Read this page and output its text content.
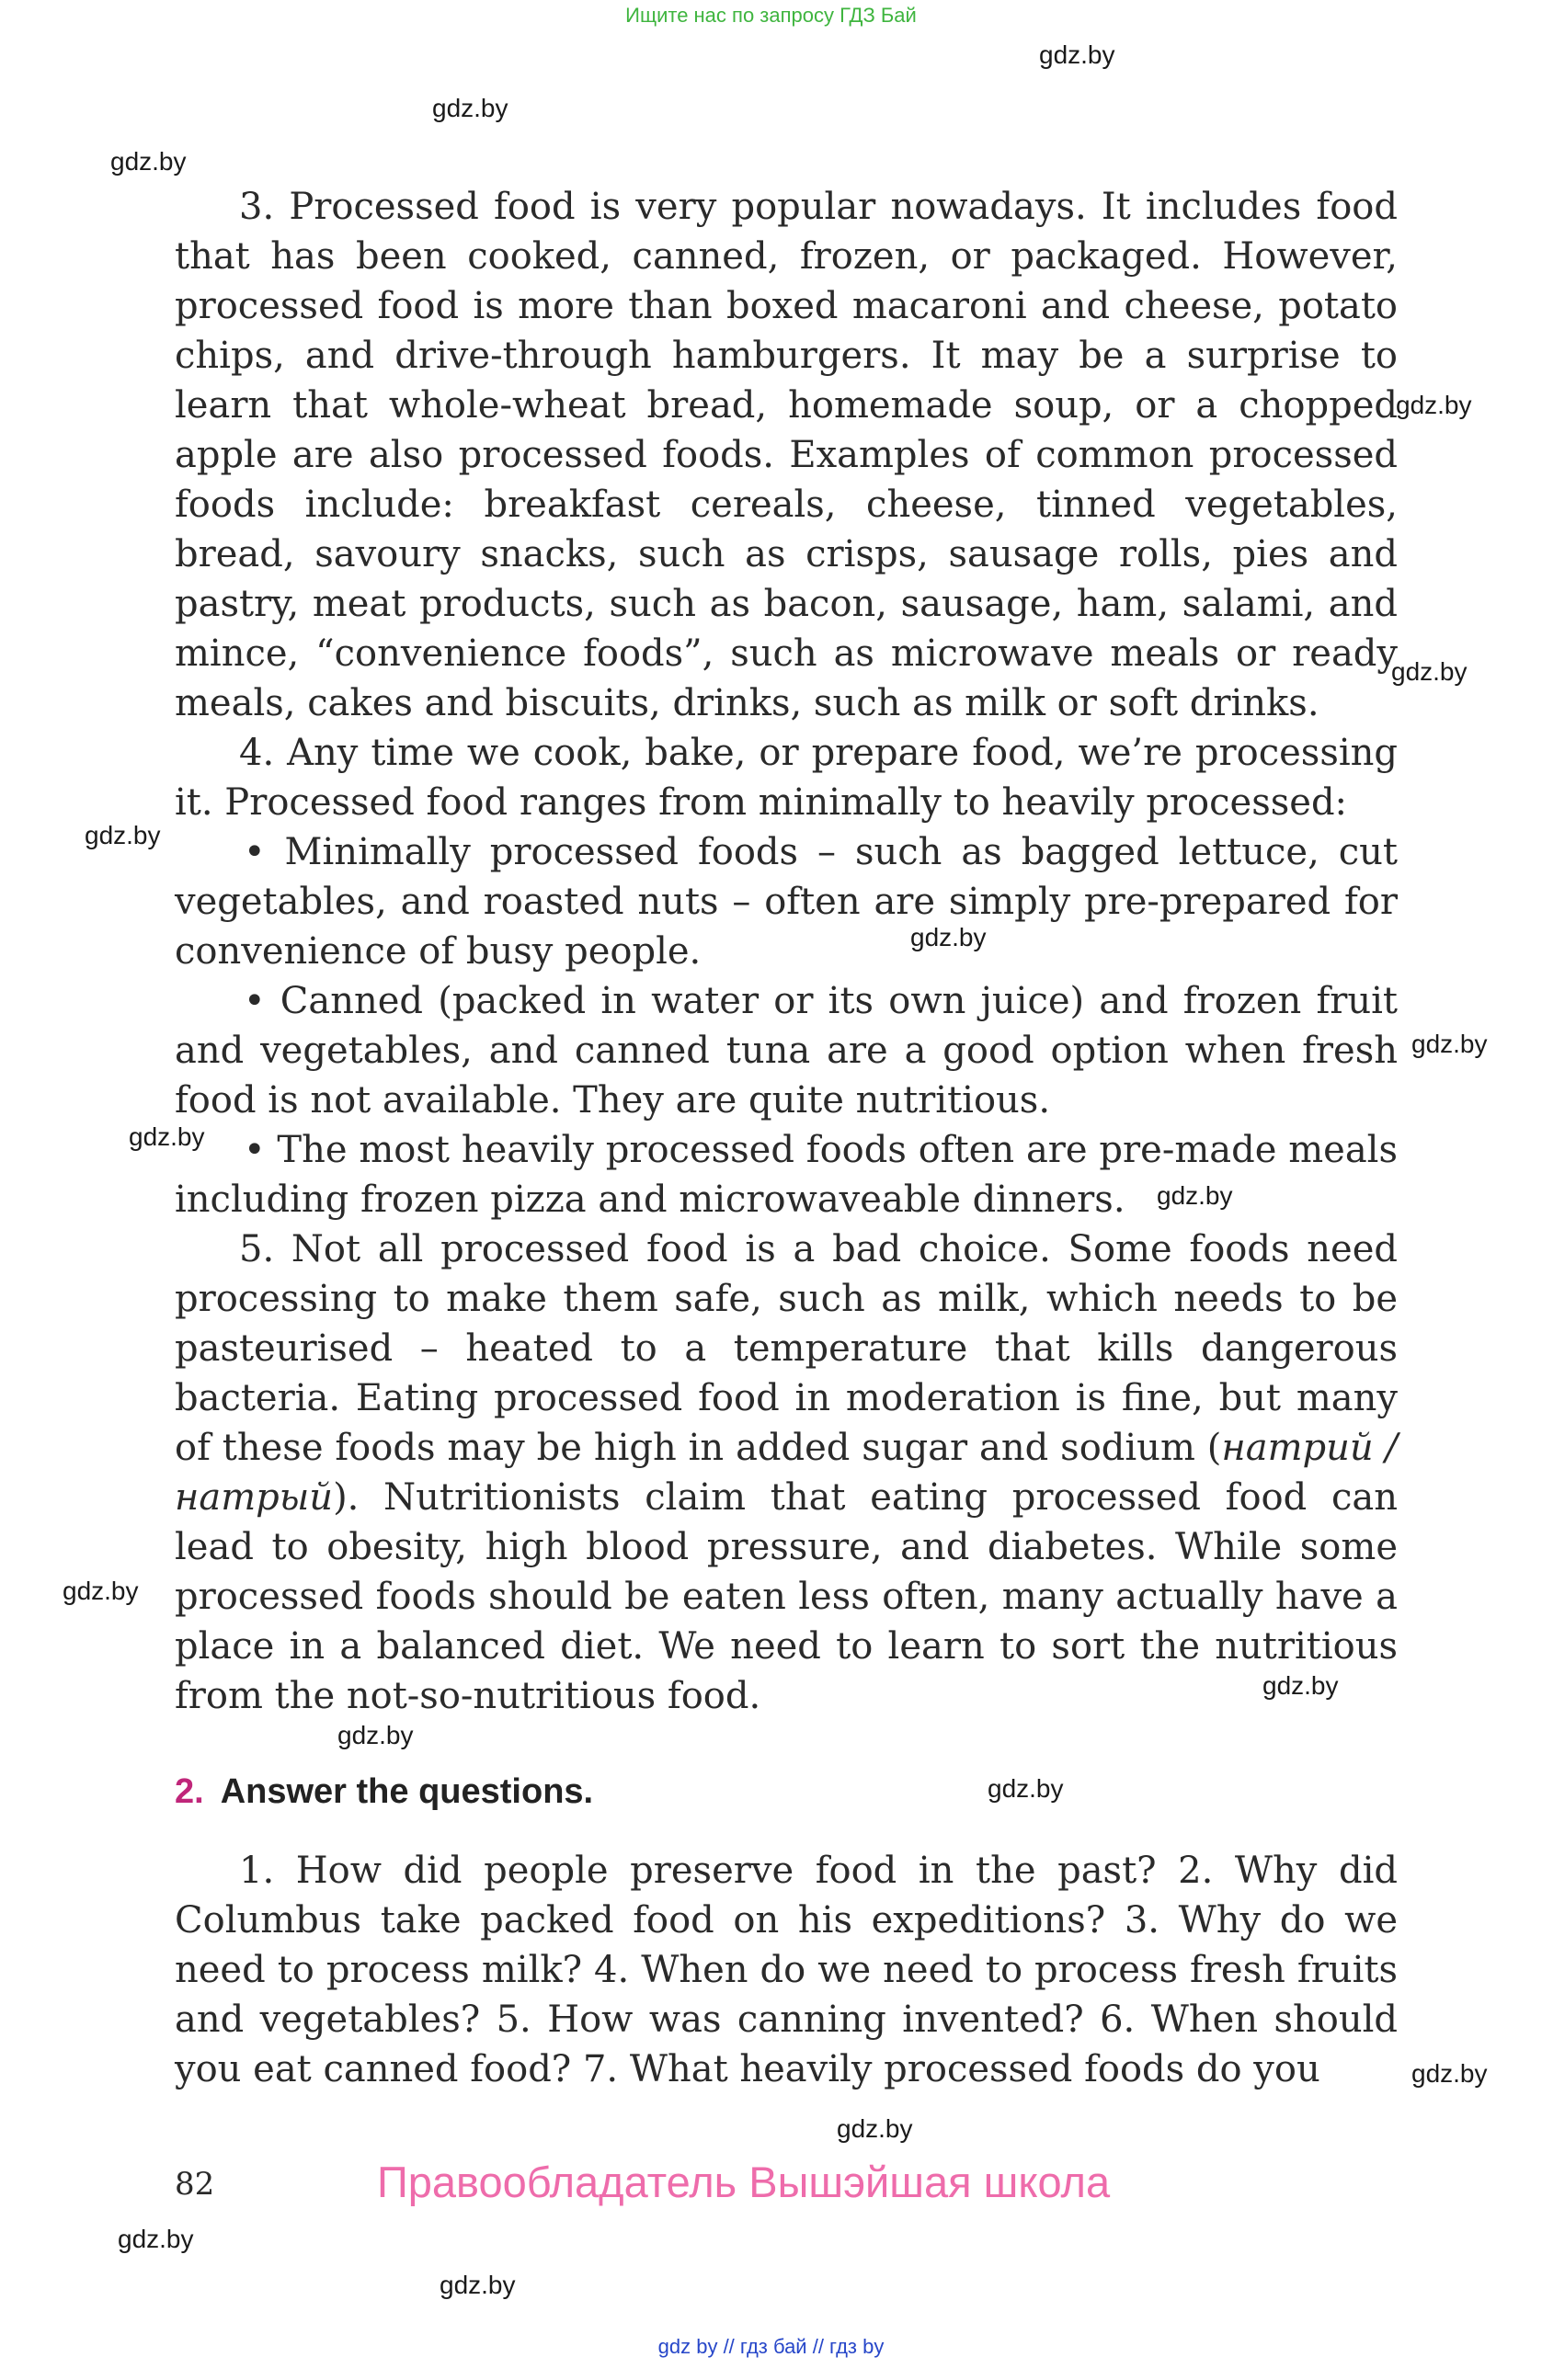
Ищите нас по запросу ГДЗ Бай
gdz.by
gdz.by
gdz.by
gdz.by
gdz.by
gdz.by
gdz.by
gdz.by
gdz.by
gdz.by
gdz.by
gdz.by
gdz.by
gdz.by
gdz.by
gdz.by
gdz.by
gdz.by

3. Processed food is very popular nowadays. It includes food that has been cooked, canned, frozen, or packaged. However, processed food is more than boxed macaroni and cheese, potato chips, and drive-through hamburgers. It may be a surprise to learn that whole-wheat bread, homemade soup, or a chopped apple are also processed foods. Examples of common processed foods include: breakfast cereals, cheese, tinned vegetables, bread, savoury snacks, such as crisps, sausage rolls, pies and pastry, meat products, such as bacon, sausage, ham, salami, and mince, “convenience foods”, such as microwave meals or ready meals, cakes and biscuits, drinks, such as milk or soft drinks.

4. Any time we cook, bake, or prepare food, we’re processing it. Processed food ranges from minimally to heavily processed:

• Minimally processed foods – such as bagged lettuce, cut vegetables, and roasted nuts – often are simply pre-prepared for convenience of busy people.

• Canned (packed in water or its own juice) and frozen fruit and vegetables, and canned tuna are a good option when fresh food is not available. They are quite nutritious.

• The most heavily processed foods often are pre-made meals including frozen pizza and microwaveable dinners.

5. Not all processed food is a bad choice. Some foods need processing to make them safe, such as milk, which needs to be pasteurised – heated to a temperature that kills dangerous bacteria. Eating processed food in moderation is fine, but many of these foods may be high in added sugar and sodium (натрий / натрый). Nutritionists claim that eating processed food can lead to obesity, high blood pressure, and diabetes. While some processed foods should be eaten less often, many actually have a place in a balanced diet. We need to learn to sort the nutritious from the not-so-nutritious food.

2. Answer the questions.

1. How did people preserve food in the past? 2. Why did Columbus take packed food on his expeditions? 3. Why do we need to process milk? 4. When do we need to process fresh fruits and vegetables? 5. How was canning invented? 6. When should you eat canned food? 7. What heavily processed foods do you

82	Правообладатель Вышэйшая школа
gdz by // гдз бай // гдз by
